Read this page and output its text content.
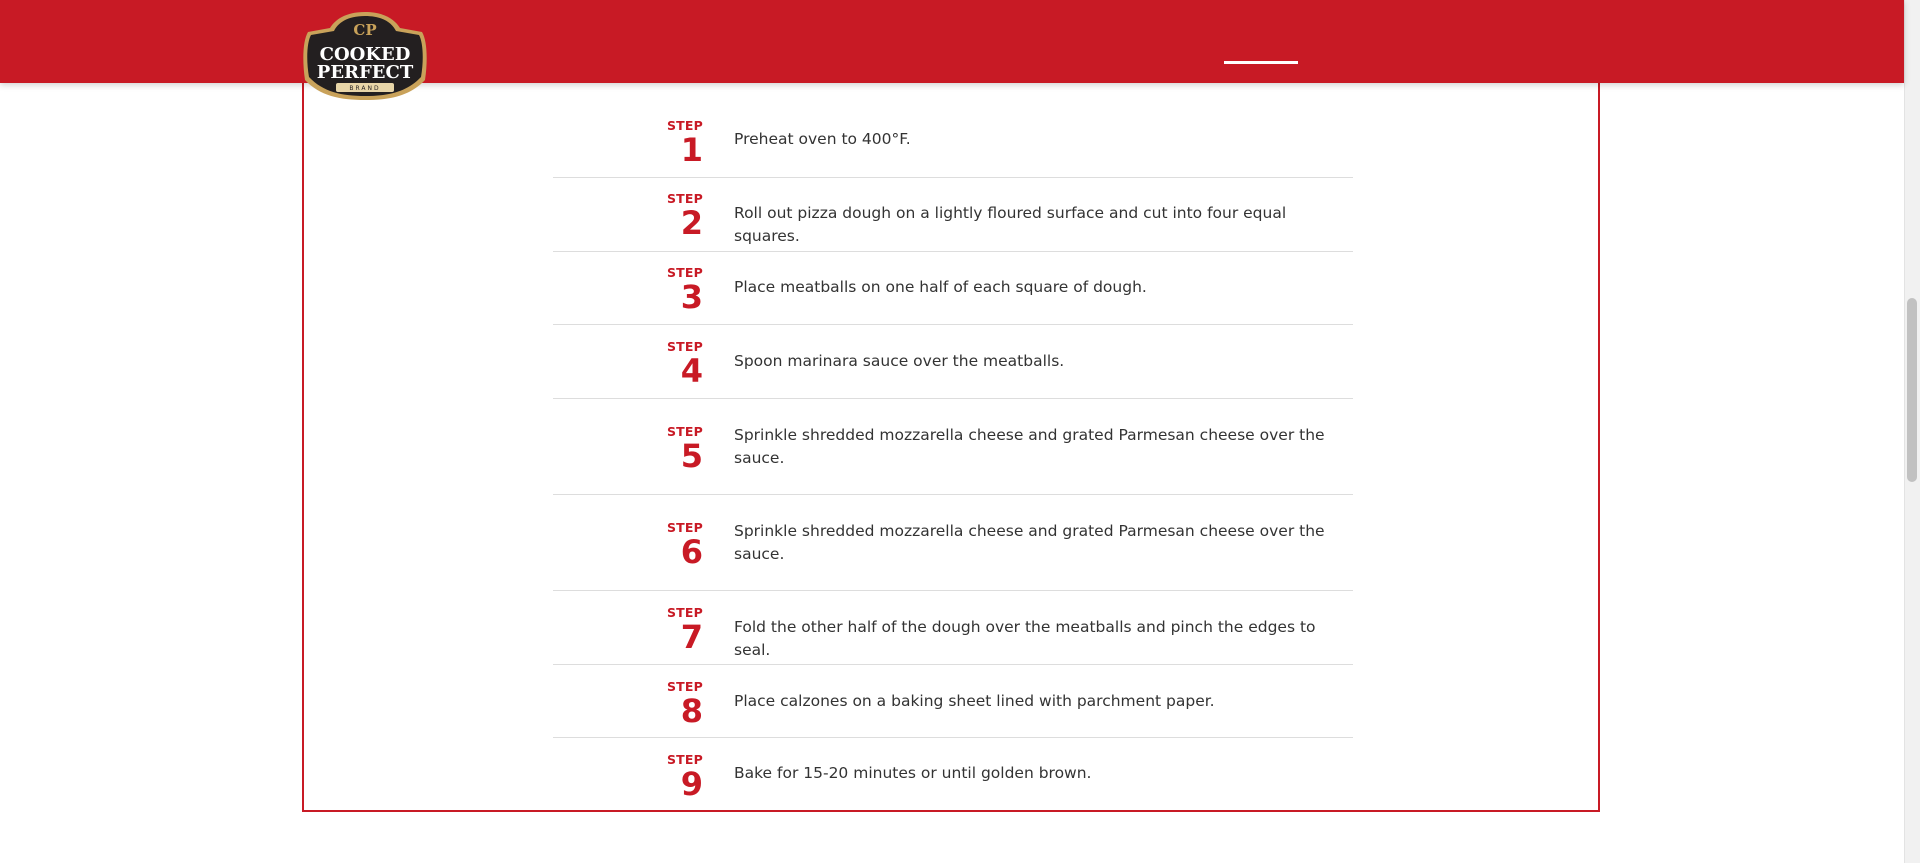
CP
COOKED
PERFECT
BRAND
STEP
1 Preheat oven to 400°F.
STEP
2 Roll out pizza dough on a lightly floured surface and cut into four equal squares.
STEP
3 Place meatballs on one half of each square of dough.
STEP
4 Spoon marinara sauce over the meatballs.
STEP
5
Sprinkle shredded mozzarella cheese and grated Parmesan cheese over the sauce.
STEP
6
Sprinkle shredded mozzarella cheese and grated Parmesan cheese over the sauce.
STEP
7 Fold the other half of the dough over the meatballs and pinch the edges to seal.
STEP
8 Place calzones on a baking sheet lined with parchment paper.
STEP
9 Bake for 15-20 minutes or until golden brown.
